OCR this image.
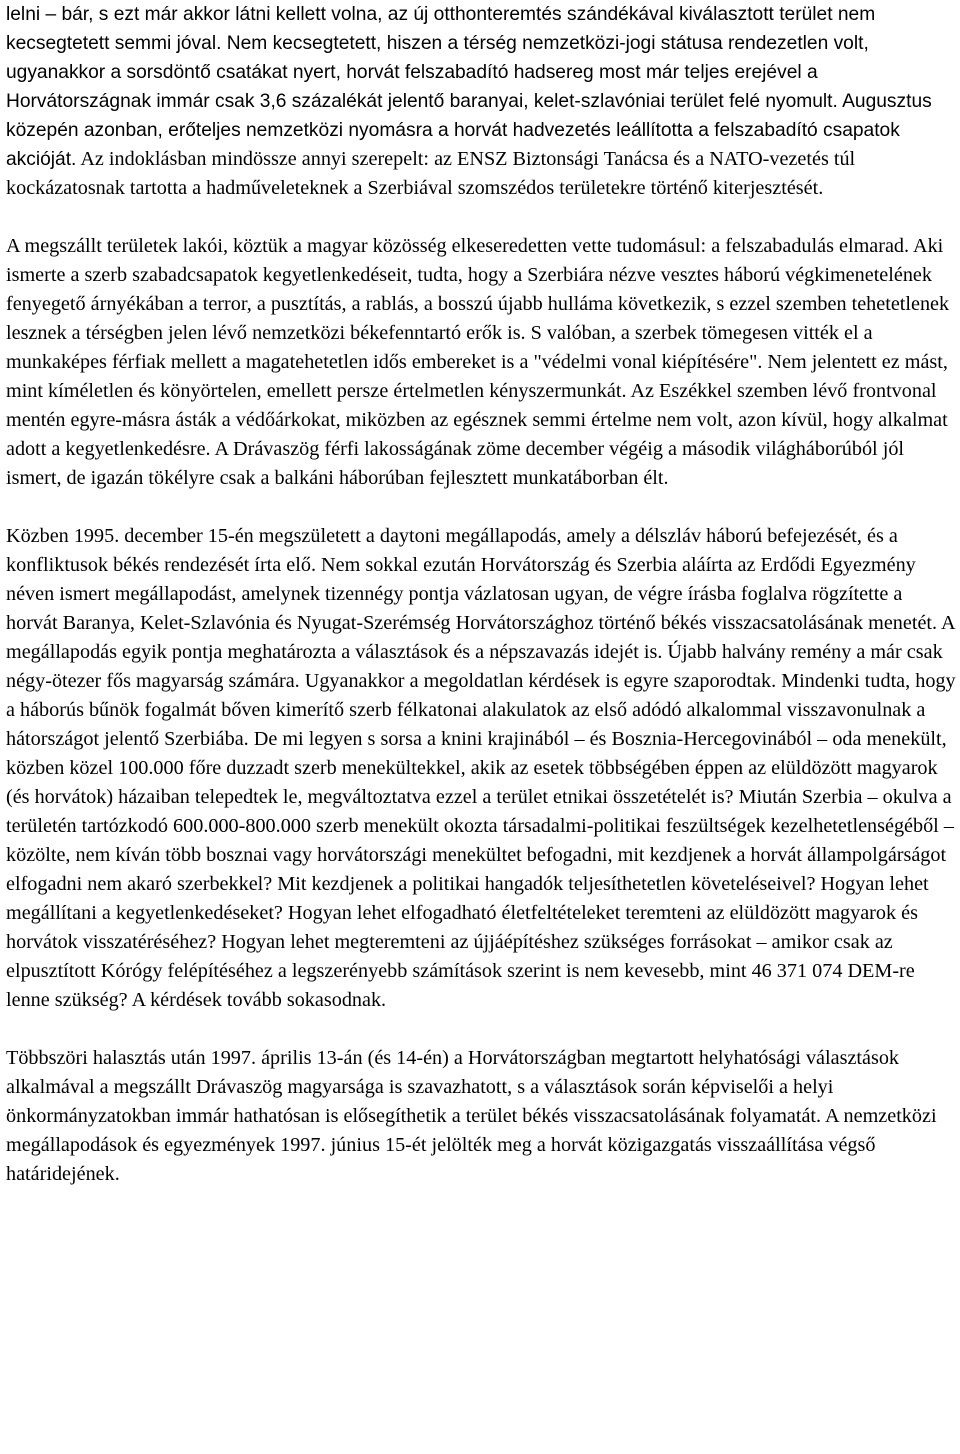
lelni – bár, s ezt már akkor látni kellett volna, az új otthonteremtés szándékával kiválasztott terület nem kecsegtetett semmi jóval. Nem kecsegtetett, hiszen a térség nemzetközi-jogi státusa rendezetlen volt, ugyanakkor a sorsdöntő csatákat nyert, horvát felszabadító hadsereg most már teljes erejével a Horvátországnak immár csak 3,6 százalékát jelentő baranyai, kelet-szlavóniai terület felé nyomult. Augusztus közepén azonban, erőteljes nemzetközi nyomásra a horvát hadvezetés leállította a felszabadító csapatok akcióját. Az indoklásban mindössze annyi szerepelt: az ENSZ Biztonsági Tanácsa és a NATO-vezetés túl kockázatosnak tartotta a hadműveleteknek a Szerbiával szomszédos területekre történő kiterjesztését.

A megszállt területek lakói, köztük a magyar közösség elkeseredetten vette tudomásul: a felszabadulás elmarad. Aki ismerte a szerb szabadcsapatok kegyetlenkedéseit, tudta, hogy a Szerbiára nézve vesztes háború végkimenetelének fenyegető árnyékában a terror, a pusztítás, a rablás, a bosszú újabb hulláma következik, s ezzel szemben tehetetlenek lesznek a térségben jelen lévő nemzetközi békefenntartó erők is. S valóban, a szerbek tömegesen vitték el a munkaképes férfiak mellett a magatehetetlen idős embereket is a "védelmi vonal kiépítésére". Nem jelentett ez mást, mint kíméletlen és könyörtelen, emellett persze értelmetlen kényszermunkát. Az Eszékkel szemben lévő frontvonal mentén egyre-másra ásták a védőárkokat, miközben az egésznek semmi értelme nem volt, azon kívül, hogy alkalmat adott a kegyetlenkedésre. A Drávaszög férfi lakosságának zöme december végéig a második világháborúból jól ismert, de igazán tökélyre csak a balkáni háborúban fejlesztett munkatáborban élt.

Közben 1995. december 15-én megszületett a daytoni megállapodás, amely a délszláv háború befejezését, és a konfliktusok békés rendezését írta elő. Nem sokkal ezután Horvátország és Szerbia aláírta az Erdődi Egyezmény néven ismert megállapodást, amelynek tizennégy pontja vázlatosan ugyan, de végre írásba foglalva rögzítette a horvát Baranya, Kelet-Szlavónia és Nyugat-Szerémség Horvátországhoz történő békés visszacsatolásának menetét. A megállapodás egyik pontja meghatározta a választások és a népszavazás idejét is. Újabb halvány remény a már csak négy-ötezer fős magyarság számára. Ugyanakkor a megoldatlan kérdések is egyre szaporodtak. Mindenki tudta, hogy a háborús bűnök fogalmát bőven kimerítő szerb félkatonai alakulatok az első adódó alkalommal visszavonulnak a hátországot jelentő Szerbiába. De mi legyen s sorsa a knini krajinából – és Bosznia-Hercegovinából – oda menekült, közben közel 100.000 főre duzzadt szerb menekültekkel, akik az esetek többségében éppen az elüldözött magyarok (és horvátok) házaiban telepedtek le, megváltoztatva ezzel a terület etnikai összetételét is? Miután Szerbia – okulva a területén tartózkodó 600.000-800.000 szerb menekült okozta társadalmi-politikai feszültségek kezelhetetlenségéből – közölte, nem kíván több bosznai vagy horvátországi menekültet befogadni, mit kezdjenek a horvát állampolgárságot elfogadni nem akaró szerbekkel? Mit kezdjenek a politikai hangadók teljesíthetetlen követeléseivel? Hogyan lehet megállítani a kegyetlenkedéseket? Hogyan lehet elfogadható életfeltételeket teremteni az elüldözött magyarok és horvátok visszatéréséhez? Hogyan lehet megteremteni az újjáépítéshez szükséges forrásokat – amikor csak az elpusztított Kórógy felépítéséhez a legszerényebb számítások szerint is nem kevesebb, mint 46 371 074 DEM-re lenne szükség? A kérdések tovább sokasodnak.

Többszöri halasztás után 1997. április 13-án (és 14-én) a Horvátországban megtartott helyhatósági választások alkalmával a megszállt Drávaszög magyarsága is szavazhatott, s a választások során képviselői a helyi önkormányzatokban immár hathatósan is elősegíthetik a terület békés visszacsatolásának folyamatát. A nemzetközi megállapodások és egyezmények 1997. június 15-ét jelölték meg a horvát közigazgatás visszaállítása végső határidejének.
